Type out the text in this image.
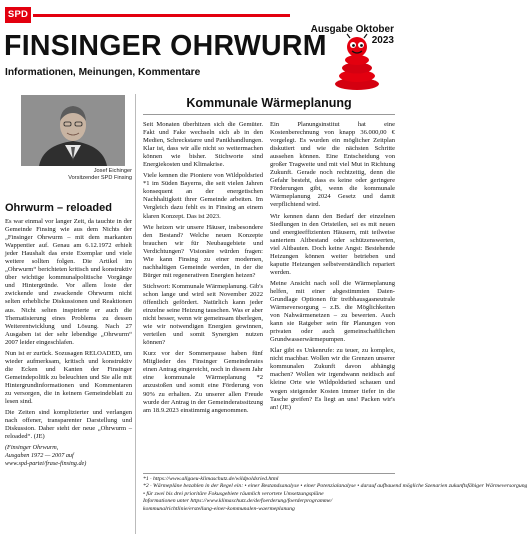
SPD
Ausgabe Oktober 2023
FINSINGER OHRWURM
Informationen, Meinungen, Kommentare
Josef Eichinger
Vorsitzender SPD Finsing
Ohrwurm – reloaded

Es war einmal vor langer Zeit, da tauchte in der Gemeinde Finsing wie aus dem Nichts der „Finsinger Ohrwurm – mit dem markanten Wappentier auf. Genau am 6.12.1972 erhielt jeder Haushalt das erste Exemplar und viele weitere sollten folgen. Die Artikel im „Ohrwurm“ berichteten kritisch und konstruktiv über wichtige kommunalpolitische Vorgänge und Hintergründe. Vor allem loste der zwickende und zwackende Ohrwurm nicht selten erhebliche Diskussionen und Reaktionen aus. Nicht selten inspirierte er auch die Thematisierung eines Problems zu dessen Weiterentwicklung und Lösung. Nach 27 Ausgaben ist der sehr lebendige „Ohrwurm“ 2007 leider eingeschlafen.

Nun ist er zurück. Sozusagen RELOADED, um wieder aufmerksam, kritisch und konstruktiv die Ecken und Kanten der Finsinger Gemeindepolitik zu beleuchten und Sie alle mit Hintergrundinformationen und Kommentaren zu versorgen, die in keinem Gemeindeblatt zu lesen sind.

Die Zeiten sind komplizierter und verlangen nach offener, transparenter Darstellung und Diskussion. Daher steht der neue „Ohrwurm – reloaded“. (JE)

(Finsinger Ohrwurm,
Ausgaben 1972 — 2007 auf
www.spd-partei/frase-finsing.de)
Kommunale Wärmeplanung

Seit Monaten überhitzen sich die Gemüter. Fakt und Fake wechseln sich ab in den Medien, Schreckstarre und Panikhandlungen. Klar ist, dass wir alle nicht so weitermachen können wie bisher. Stichworte sind Energiekosten und Klimakrise.

Viele kennen die Pioniere von Wildpoldsried *1 im Süden Bayerns, die seit vielen Jahren konsequent an der energetischen Nachhaltigkeit ihrer Gemeinde arbeiten. Im Vergleich dazu fehlt es in Finsing an einem klaren Konzept. Das ist 2023.

Wie heizen wir unsere Häuser, insbesondere den Bestand? Welche neuen Konzepte brauchen wir für Neubaugebiete und Verdichtungen? Visionäre würden fragen: Wie kann Finsing zu einer modernen, nachhaltigen Gemeinde werden, in der die Bürger mit regenerativen Energien heizen?

Stichwort: Kommunale Wärmeplanung. Gib's schon lange und wird seit November 2022 öffentlich gefördert. Natürlich kann jeder einzelne seine Heizung tauschen. Was er aber nicht besser, wenn wir gemeinsam überlegen, wie wir notwendigen Energien gewinnen, verteilen und somit Synergien nutzen können?

Kurz vor der Sommerpause haben fünf Mitglieder des Finsinger Gemeinderates einen Antrag eingereicht, noch in diesem Jahr eine kommunale Wärmeplanung *2 anzustoßen und somit eine Förderung von 90% zu erhalten. Zu unserer allen Freude wurde der Antrag in der Gemeinderatssitzung am 18.9.2023 einstimmig angenommen.

Ein Planungsinstitut hat eine Kostenberechnung von knapp 36.000,00 € vorgelegt. Es wurden ein möglicher Zeitplan diskutiert und wie die nächsten Schritte aussehen können. Eine Entscheidung von großer Tragweite und mit viel Mut in Richtung Zukunft. Gerade noch rechtzeitig, denn die Gefahr besteht, dass es keine oder geringere Förderungen gibt, wenn die kommunale Wärmeplanung 2024 Gesetz und damit verpflichtend wird.

Wir kennen dann den Bedarf der einzelnen Siedlungen in den Ortsteilen, sei es mit neuen und energieeffizienten Häusern, mit teilweise saniertem Altbestand oder schützenswerten, viel Altbauten. Doch keine Angst: Bestehende Heizungen können weiter betrieben und kaputte Heizungen selbstverständlich repariert werden.

Meine Ansicht nach soll die Wärmeplanung helfen, mit einer abgestimmten Daten-Grundlage Optionen für treibhausgasneutrale Wärmeversorgung – z.B. die Möglichkeiten von Nahwärmenetzen – zu bewerten. Auch kann sie Ratgeber sein für Planungen von privaten oder auch gemeinschaftlichen Grundwasserwärmepumpen.

Klar gibt es Unkenrufe: zu teuer, zu komplex, nicht machbar. Wollen wir die Grenzen unserer kommunalen Zukunft davon abhängig machen? Wollen wir irgendwann neidisch auf kleine Orte wie Wildpoldsried schauen und wegen steigender Kosten immer tiefer in die Tasche greifen? Es liegt an uns! Packen wir's an! (JE)

*1 · https://www.allgaeu-klimaschutz.de/wildpoldsried.html
*2 · Wärmepläne bezahlen in der Regel ein: • einer Bestandsanalyse • einer Potenzialanalyse • darauf aufbauend mögliche Szenarien zukunftsfähiger Wärmeversorgung
• für zwei bis drei prioritäre Fokusgebiete räumlich verortete Umsetzungspläne
Informationen unter https://www.klimaschutz.de/de/foerderung/foerderprogramme/
kommunalrichtlinie/erstellung-einer-kommunalen-waermeplanung
